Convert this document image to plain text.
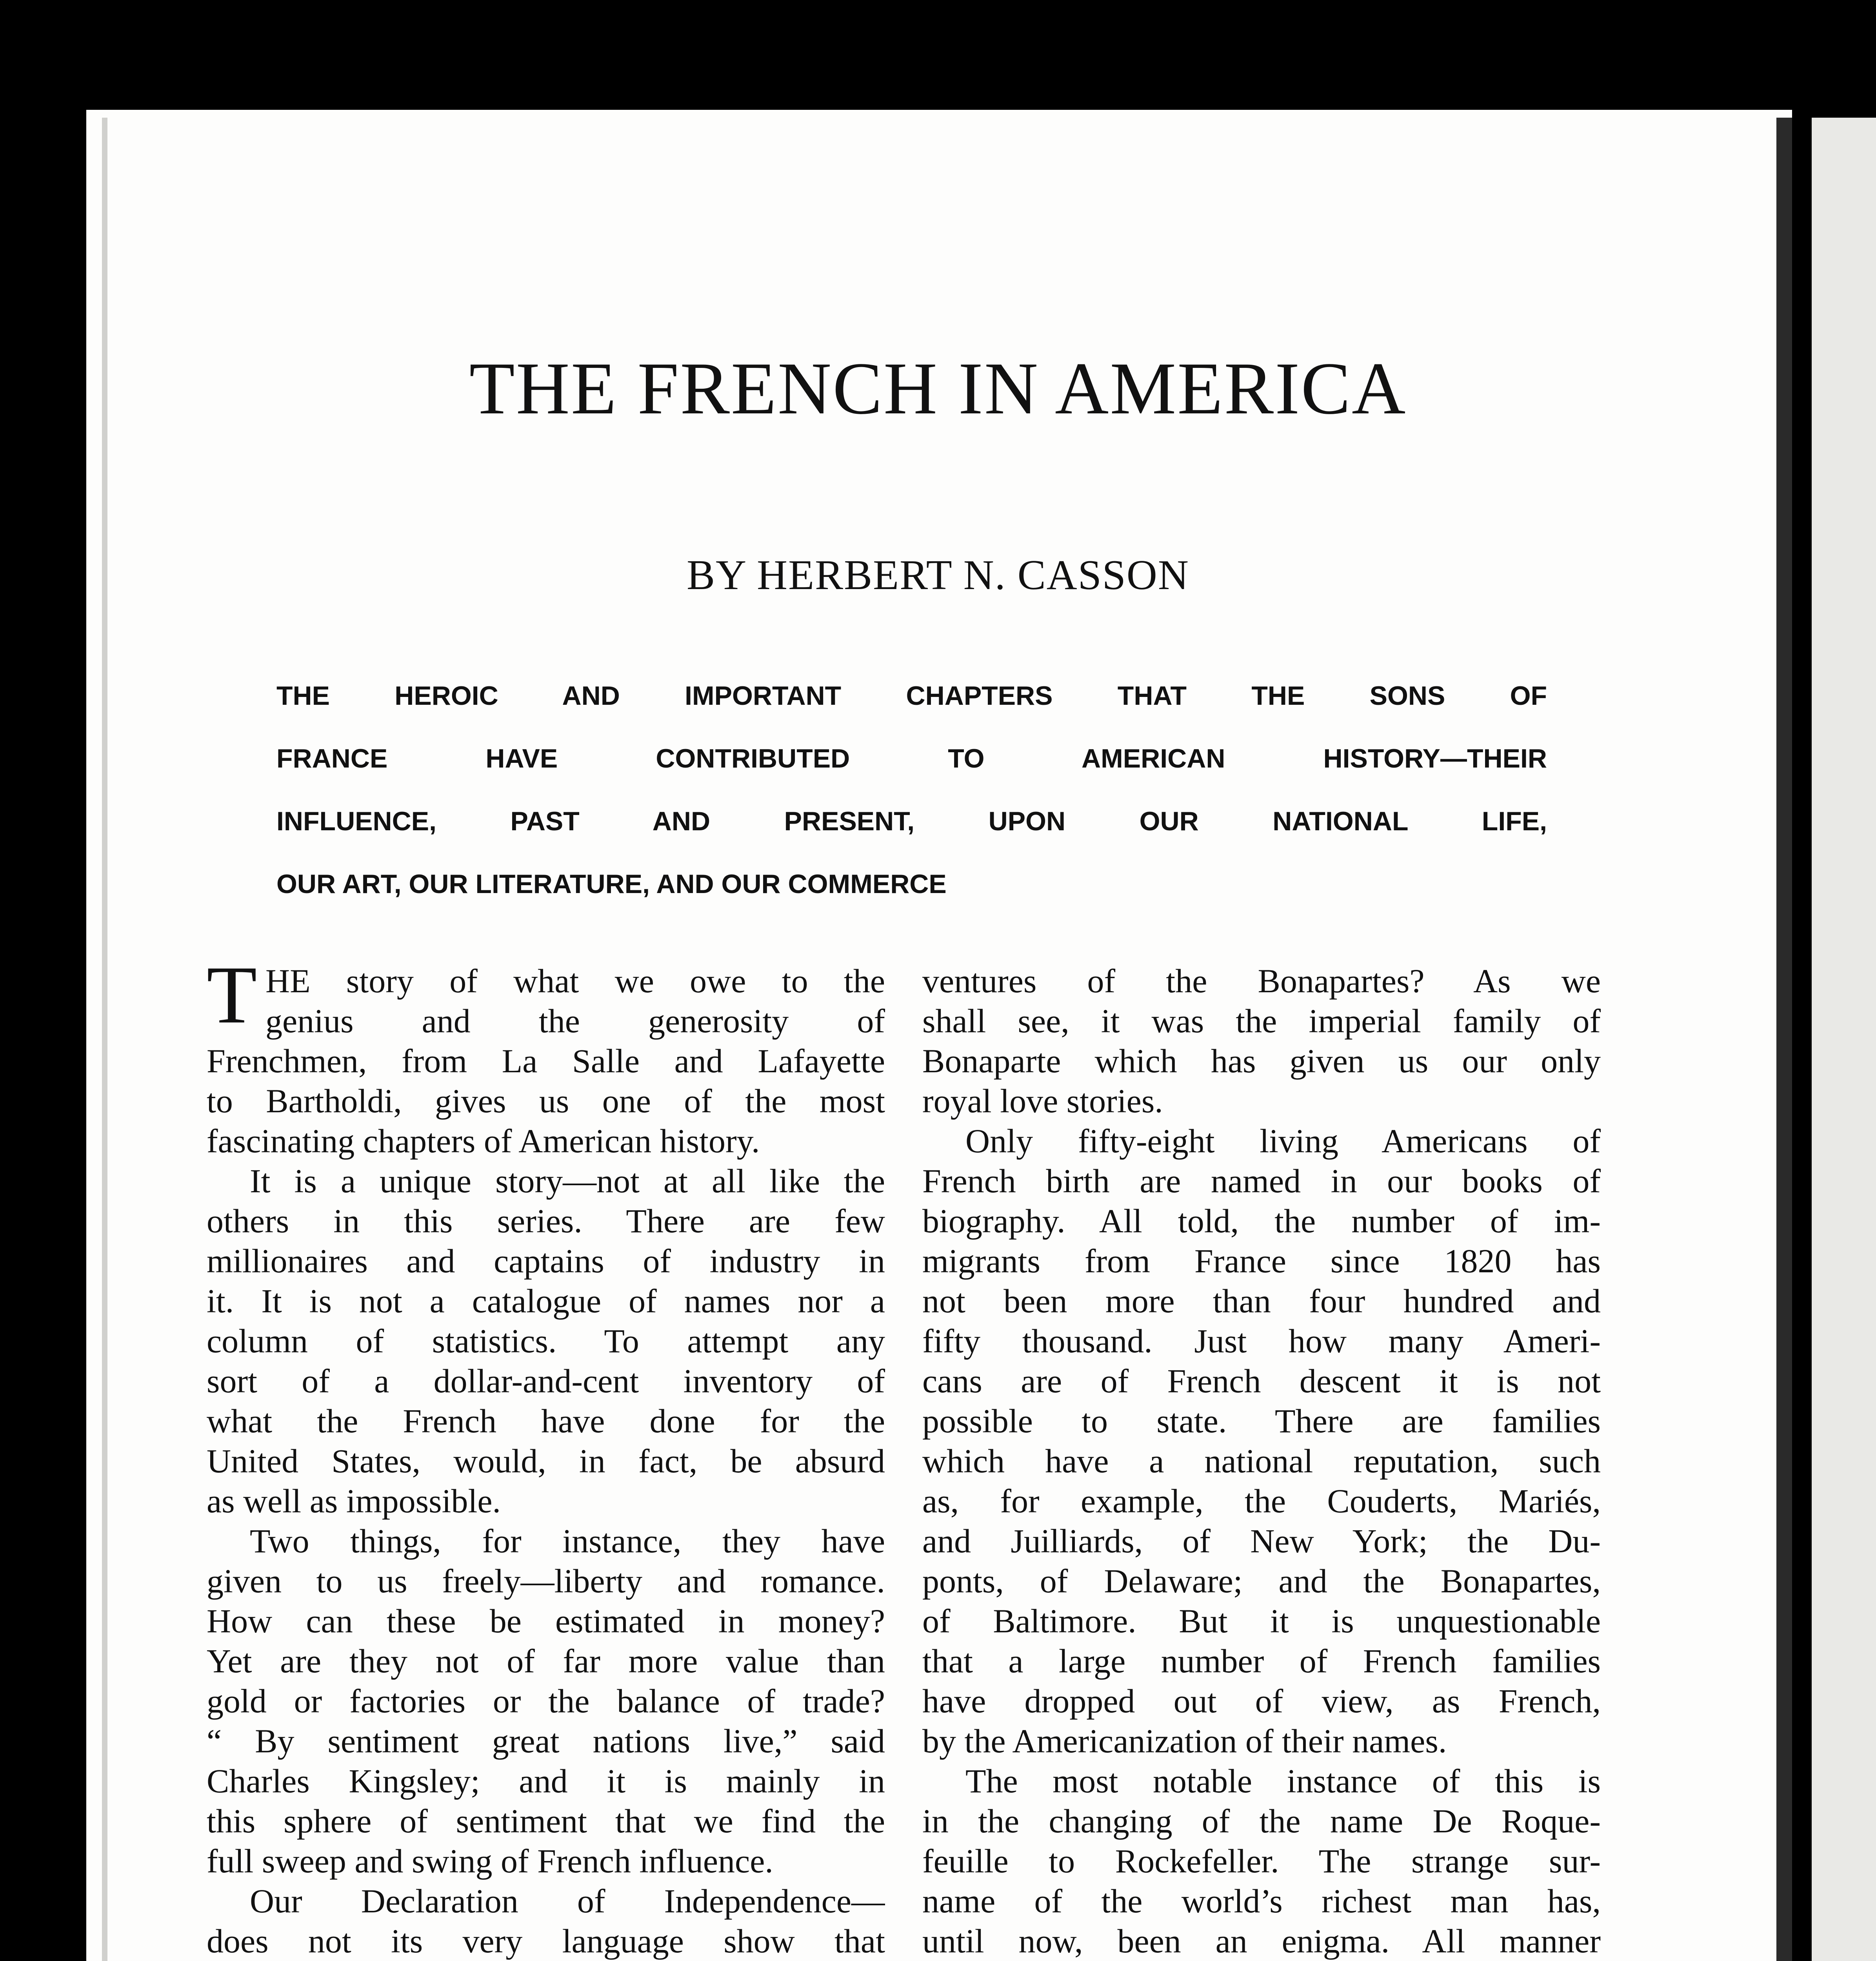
THE FRENCH IN AMERICA
BY HERBERT N. CASSON
THE HEROIC AND IMPORTANT CHAPTERS THAT THE SONS OF
FRANCE HAVE CONTRIBUTED TO AMERICAN HISTORY—THEIR
INFLUENCE, PAST AND PRESENT, UPON OUR NATIONAL LIFE,
OUR ART, OUR LITERATURE, AND OUR COMMERCE
T HE story of what we owe to the
genius and the generosity of
Frenchmen, from La Salle and Lafayette
to Bartholdi, gives us one of the most
fascinating chapters of American history.
It is a unique story—not at all like the
others in this series. There are few
millionaires and captains of industry in
it. It is not a catalogue of names nor a
column of statistics. To attempt any
sort of a dollar-and-cent inventory of
what the French have done for the
United States, would, in fact, be absurd
as well as impossible.
Two things, for instance, they have
given to us freely—liberty and romance.
How can these be estimated in money?
Yet are they not of far more value than
gold or factories or the balance of trade?
“ By sentiment great nations live,” said
Charles Kingsley; and it is mainly in
this sphere of sentiment that we find the
full sweep and swing of French influence.
Our Declaration of Independence—
does not its very language show that
ventures of the Bonapartes? As we
shall see, it was the imperial family of
Bonaparte which has given us our only
royal love stories.
Only fifty-eight living Americans of
French birth are named in our books of
biography. All told, the number of im-
migrants from France since 1820 has
not been more than four hundred and
fifty thousand. Just how many Ameri-
cans are of French descent it is not
possible to state. There are families
which have a national reputation, such
as, for example, the Couderts, Mariés,
and Juilliards, of New York; the Du-
ponts, of Delaware; and the Bonapartes,
of Baltimore. But it is unquestionable
that a large number of French families
have dropped out of view, as French,
by the Americanization of their names.
The most notable instance of this is
in the changing of the name De Roque-
feuille to Rockefeller. The strange sur-
name of the world’s richest man has,
until now, been an enigma. All manner
